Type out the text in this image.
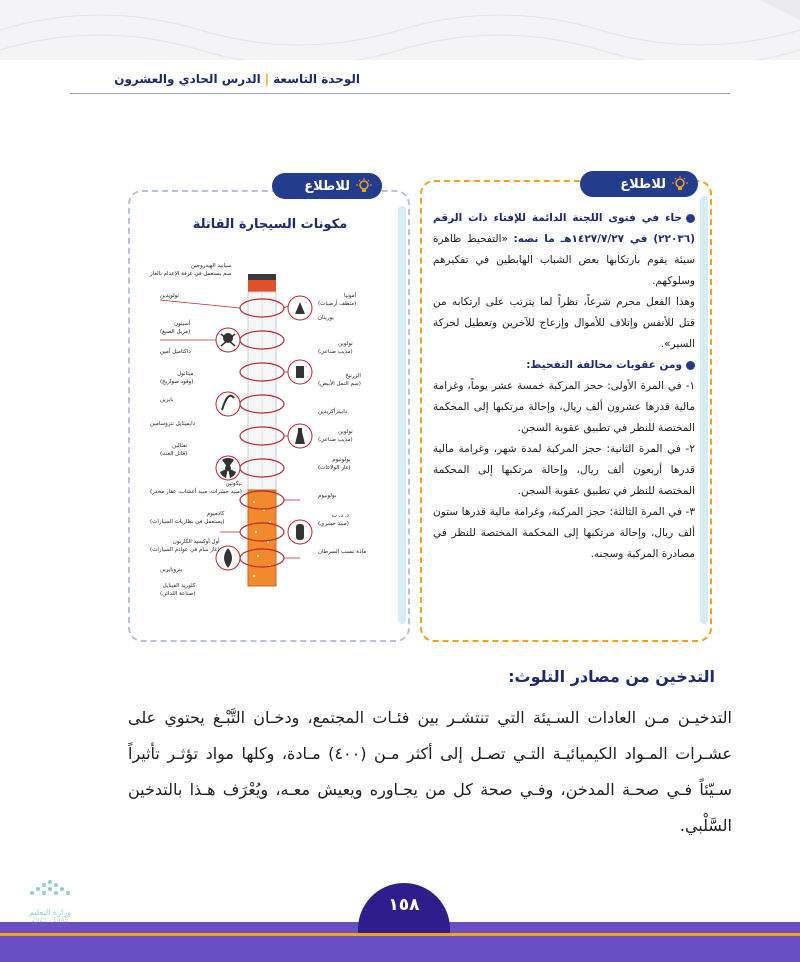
الوحدة التاسعة|الدرس الحادي والعشرون
للاطلاع
جاء في فتوى اللجنة الدائمة للإفتاء ذات الرقم (٢٢٠٣٦) في ١٤٢٧/٧/٢٧هـ ما نصه: «التفحيط ظاهرة سيئة يقوم بارتكابها بعض الشباب الهابطين في تفكيرهم وسلوكهم.
وهذا الفعل محرم شرعاً، نظراً لما يترتب على ارتكابه من قتل للأنفس وإتلاف للأموال وإزعاج للآخرين وتعطيل لحركة السير».
ومن عقوبات مخالفة التفحيط:
١- في المرة الأولى: حجز المركبة خمسة عشر يوماً، وغرامة مالية قدرها عشرون ألف ريال، وإحالة مرتكبها إلى المحكمة المختصة للنظر في تطبيق عقوبة السجن.
٢- في المرة الثانية: حجز المركبة لمدة شهر، وغرامة مالية قدرها أربعون ألف ريال، وإحالة مرتكبها إلى المحكمة المختصة للنظر في تطبيق عقوبة السجن.
٣- في المرة الثالثة: حجز المركبة، وغرامة مالية قدرها ستون ألف ريال، وإحالة مرتكبها إلى المحكمة المختصة للنظر في مصادرة المركبة وسجنه.
للاطلاع
مكونات السيجارة القاتلة
سيانيد الهيدروجين
سم يستعمل في غرفة الإعدام بالغاز
تولويدين
أسيتون
(مزيل الصبغ)
داكتاميل أمين
ميثانول
(وقود صواريخ)
بايرين
دايميثايل نتروسامين
نفثالين
(قاتل العث)
نيكوتين
(مبيد حشرات، مبيد أعشاب، عقار مخدر)
كادميوم
(يستعمل في بطاريات السيارات)
أول أوكسيد الكاربون
(غاز سام في عوادم السيارات)
بنزوبايرين
كلوريد الفينايل
(صناعة اللدائن)
أمونيا
(منظف أرضيات)
يوريثان
تولوين
(مذيب صناعي)
الزرنيخ
(سم النمل الأبيض)
دايبنزأكريدين
تولوين
(مذيب صناعي)
بولونيوم
(غاز الولاعات)
بولونيوم
د. د. ت
(مبيد حشري)
مادة تسبب السرطان
التدخين من مصادر التلوث:
التدخيـن مـن العادات السـيئة التي تنتشـر بين فئـات المجتمع، ودخـان التَّبْـغ يحتوي على عشـرات المـواد الكيميائيـة التـي تصـل إلى أكثر مـن (٤٠٠) مـادة، وكلها مواد تؤثـر تأثيراً سـيّئاً فـي صحـة المدخن، وفـي صحة كل من يجـاوره ويعيش معـه، ويُعْرَف هـذا بالتدخين السَّلْبي.
١٥٨
وزارة التعليم
2023 - 1445
